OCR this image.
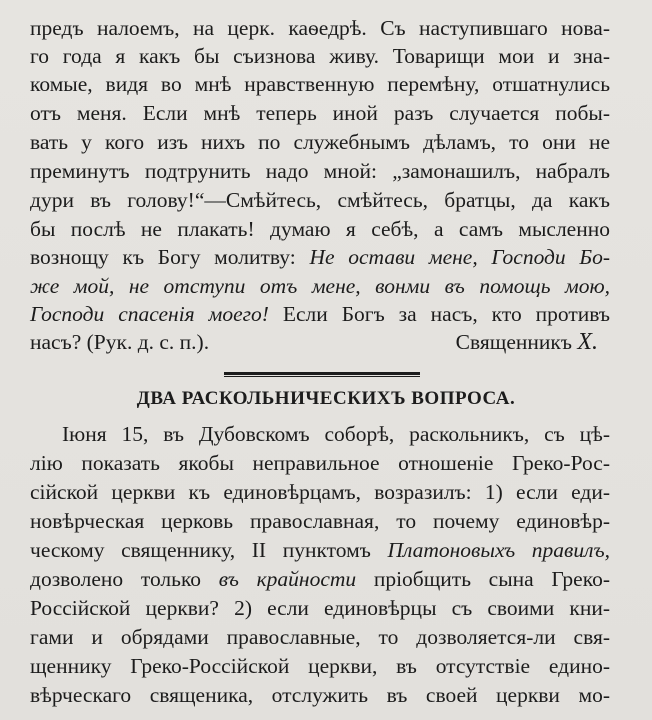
предъ налоемъ, на церк. каѳедрѣ. Съ наступившаго нова-
го года я какъ бы съизнова живу. Товарищи мои и зна-
комые, видя во мнѣ нравственную перемѣну, отшатнулись
отъ меня. Если мнѣ теперь иной разъ случается побы-
вать у кого изъ нихъ по служебнымъ дѣламъ, то они не
преминутъ подтрунить надо мной: „замонашилъ, набралъ
дури въ голову!“—Смѣйтесь, смѣйтесь, братцы, да какъ
бы послѣ не плакать! думаю я себѣ, а самъ мысленно
вознощу къ Богу молитву: Не остави мене, Господи Бо-
же мой, не отступи отъ мене, вонми въ помощь мою,
Господи спасенія моего! Если Богъ за насъ, кто противъ
насъ? (Рук. д. с. п.).	Священникъ X.
ДВА РАСКОЛЬНИЧЕСКИХЪ ВОПРОСА.
Іюня 15, въ Дубовскомъ соборѣ, раскольникъ, съ цѣ-
лію показать якобы неправильное отношеніе Греко-Рос-
сійской церкви къ единовѣрцамъ, возразилъ: 1) если еди-
новѣрческая церковь православная, то почему единовѣр-
ческому священнику, II пунктомъ Платоновыхъ правилъ,
дозволено только въ крайности пріобщить сына Греко-
Россійской церкви? 2) если единовѣрцы съ своими кни-
гами и обрядами православные, то дозволяется-ли свя-
щеннику Греко-Россійской церкви, въ отсутствіе едино-
вѣрческаго священика, отслужить въ своей церкви мо-
